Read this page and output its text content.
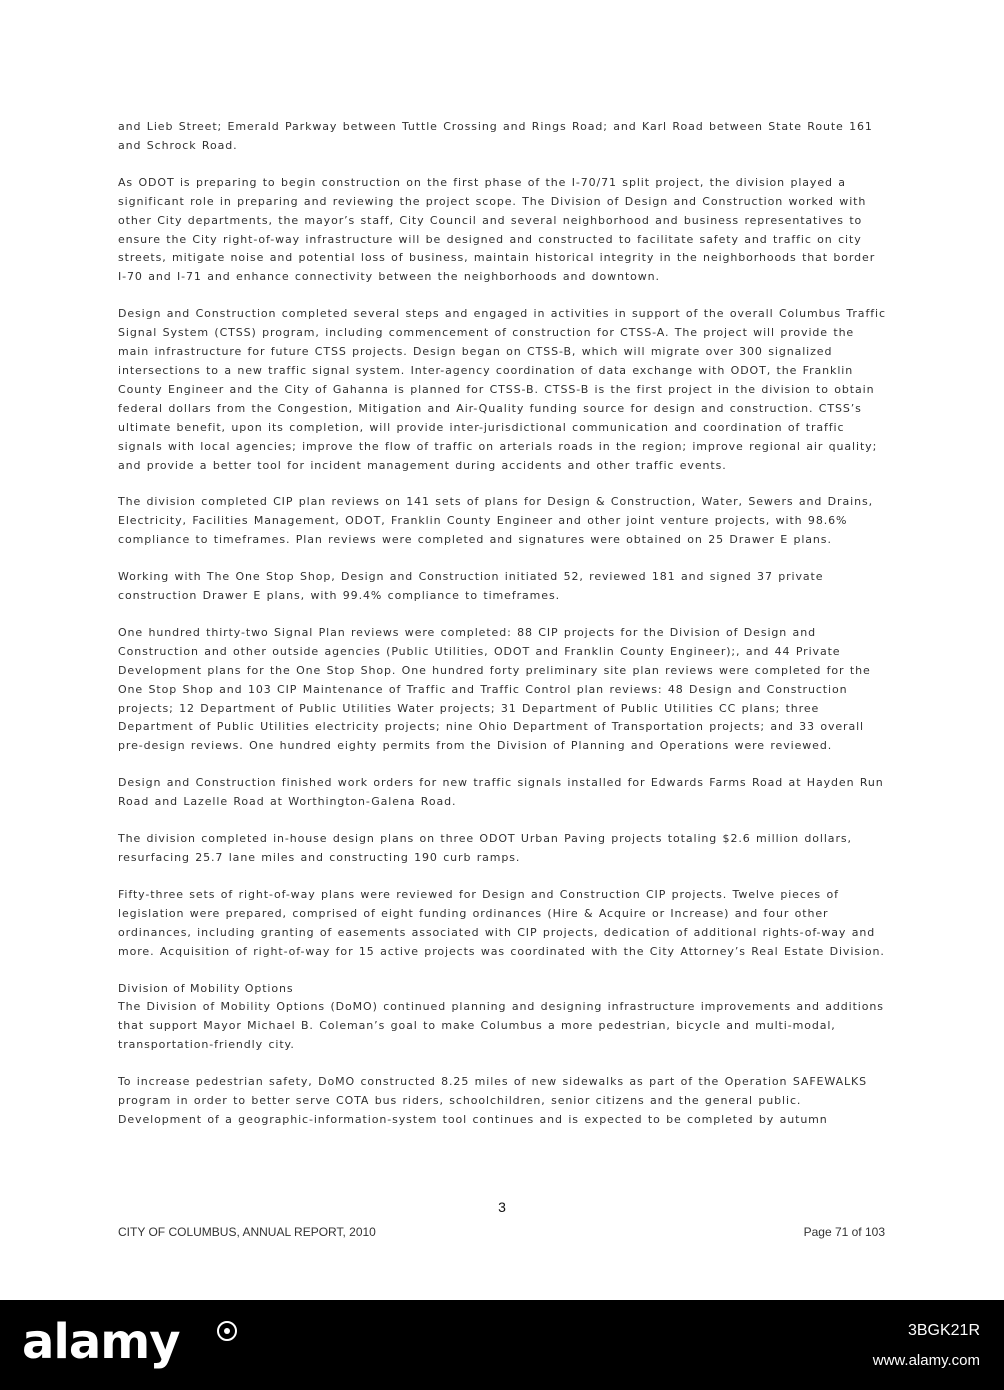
and Lieb Street; Emerald Parkway between Tuttle Crossing and Rings Road; and Karl Road between State Route 161 and Schrock Road.

As ODOT is preparing to begin construction on the first phase of the I-70/71 split project, the division played a significant role in preparing and reviewing the project scope. The Division of Design and Construction worked with other City departments, the mayor’s staff, City Council and several neighborhood and business representatives to ensure the City right-of-way infrastructure will be designed and constructed to facilitate safety and traffic on city streets, mitigate noise and potential loss of business, maintain historical integrity in the neighborhoods that border I-70 and I-71 and enhance connectivity between the neighborhoods and downtown.

Design and Construction completed several steps and engaged in activities in support of the overall Columbus Traffic Signal System (CTSS) program, including commencement of construction for CTSS-A. The project will provide the main infrastructure for future CTSS projects. Design began on CTSS-B, which will migrate over 300 signalized intersections to a new traffic signal system. Inter-agency coordination of data exchange with ODOT, the Franklin County Engineer and the City of Gahanna is planned for CTSS-B. CTSS-B is the first project in the division to obtain federal dollars from the Congestion, Mitigation and Air-Quality funding source for design and construction. CTSS’s ultimate benefit, upon its completion, will provide inter-jurisdictional communication and coordination of traffic signals with local agencies; improve the flow of traffic on arterials roads in the region; improve regional air quality; and provide a better tool for incident management during accidents and other traffic events.

The division completed CIP plan reviews on 141 sets of plans for Design & Construction, Water, Sewers and Drains, Electricity, Facilities Management, ODOT, Franklin County Engineer and other joint venture projects, with 98.6% compliance to timeframes. Plan reviews were completed and signatures were obtained on 25 Drawer E plans.

Working with The One Stop Shop, Design and Construction initiated 52, reviewed 181 and signed 37 private construction Drawer E plans, with 99.4% compliance to timeframes.

One hundred thirty-two Signal Plan reviews were completed: 88 CIP projects for the Division of Design and Construction and other outside agencies (Public Utilities, ODOT and Franklin County Engineer);, and 44 Private Development plans for the One Stop Shop. One hundred forty preliminary site plan reviews were completed for the One Stop Shop and 103 CIP Maintenance of Traffic and Traffic Control plan reviews: 48 Design and Construction projects; 12 Department of Public Utilities Water projects; 31 Department of Public Utilities CC plans; three Department of Public Utilities electricity projects; nine Ohio Department of Transportation projects; and 33 overall pre-design reviews. One hundred eighty permits from the Division of Planning and Operations were reviewed.

Design and Construction finished work orders for new traffic signals installed for Edwards Farms Road at Hayden Run Road and Lazelle Road at Worthington-Galena Road.

The division completed in-house design plans on three ODOT Urban Paving projects totaling $2.6 million dollars, resurfacing 25.7 lane miles and constructing 190 curb ramps.

Fifty-three sets of right-of-way plans were reviewed for Design and Construction CIP projects. Twelve pieces of legislation were prepared, comprised of eight funding ordinances (Hire & Acquire or Increase) and four other ordinances, including granting of easements associated with CIP projects, dedication of additional rights-of-way and more. Acquisition of right-of-way for 15 active projects was coordinated with the City Attorney’s Real Estate Division.

Division of Mobility Options

The Division of Mobility Options (DoMO) continued planning and designing infrastructure improvements and additions that support Mayor Michael B. Coleman’s goal to make Columbus a more pedestrian, bicycle and multi-modal, transportation-friendly city.

To increase pedestrian safety, DoMO constructed 8.25 miles of new sidewalks as part of the Operation SAFEWALKS program in order to better serve COTA bus riders, schoolchildren, senior citizens and the general public. Development of a geographic-information-system tool continues and is expected to be completed by autumn

3
CITY OF COLUMBUS, ANNUAL REPORT, 2010	Page 71 of 103
alamy	3BGK21R
www.alamy.com
